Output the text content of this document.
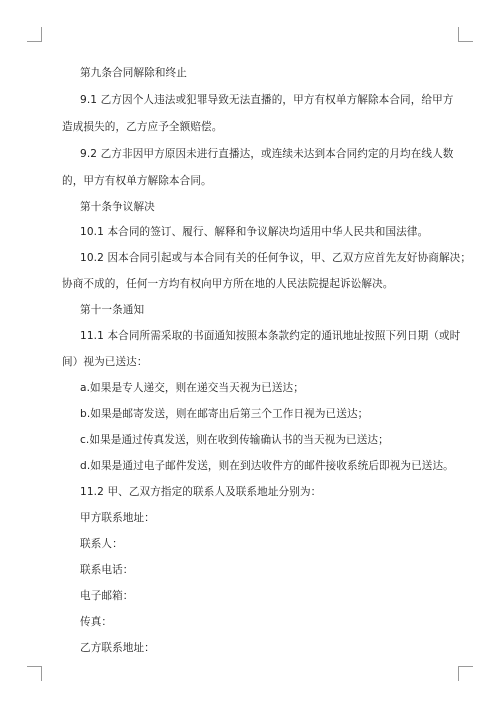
第九条合同解除和终止
9.1 乙方因个人违法或犯罪导致无法直播的，甲方有权单方解除本合同，给甲方
造成损失的，乙方应予全额赔偿。
9.2 乙方非因甲方原因未进行直播达，或连续未达到本合同约定的月均在线人数
的，甲方有权单方解除本合同。
第十条争议解决
10.1 本合同的签订、履行、解释和争议解决均适用中华人民共和国法律。
10.2 因本合同引起或与本合同有关的任何争议，甲、乙双方应首先友好协商解决；
协商不成的，任何一方均有权向甲方所在地的人民法院提起诉讼解决。
第十一条通知
11.1 本合同所需采取的书面通知按照本条款约定的通讯地址按照下列日期（或时
间）视为已送达：
a.如果是专人递交，则在递交当天视为已送达；
b.如果是邮寄发送，则在邮寄出后第三个工作日视为已送达；
c.如果是通过传真发送，则在收到传输确认书的当天视为已送达；
d.如果是通过电子邮件发送，则在到达收件方的邮件接收系统后即视为已送达。
11.2 甲、乙双方指定的联系人及联系地址分别为：
甲方联系地址：
联系人：
联系电话：
电子邮箱：
传真：
乙方联系地址：
